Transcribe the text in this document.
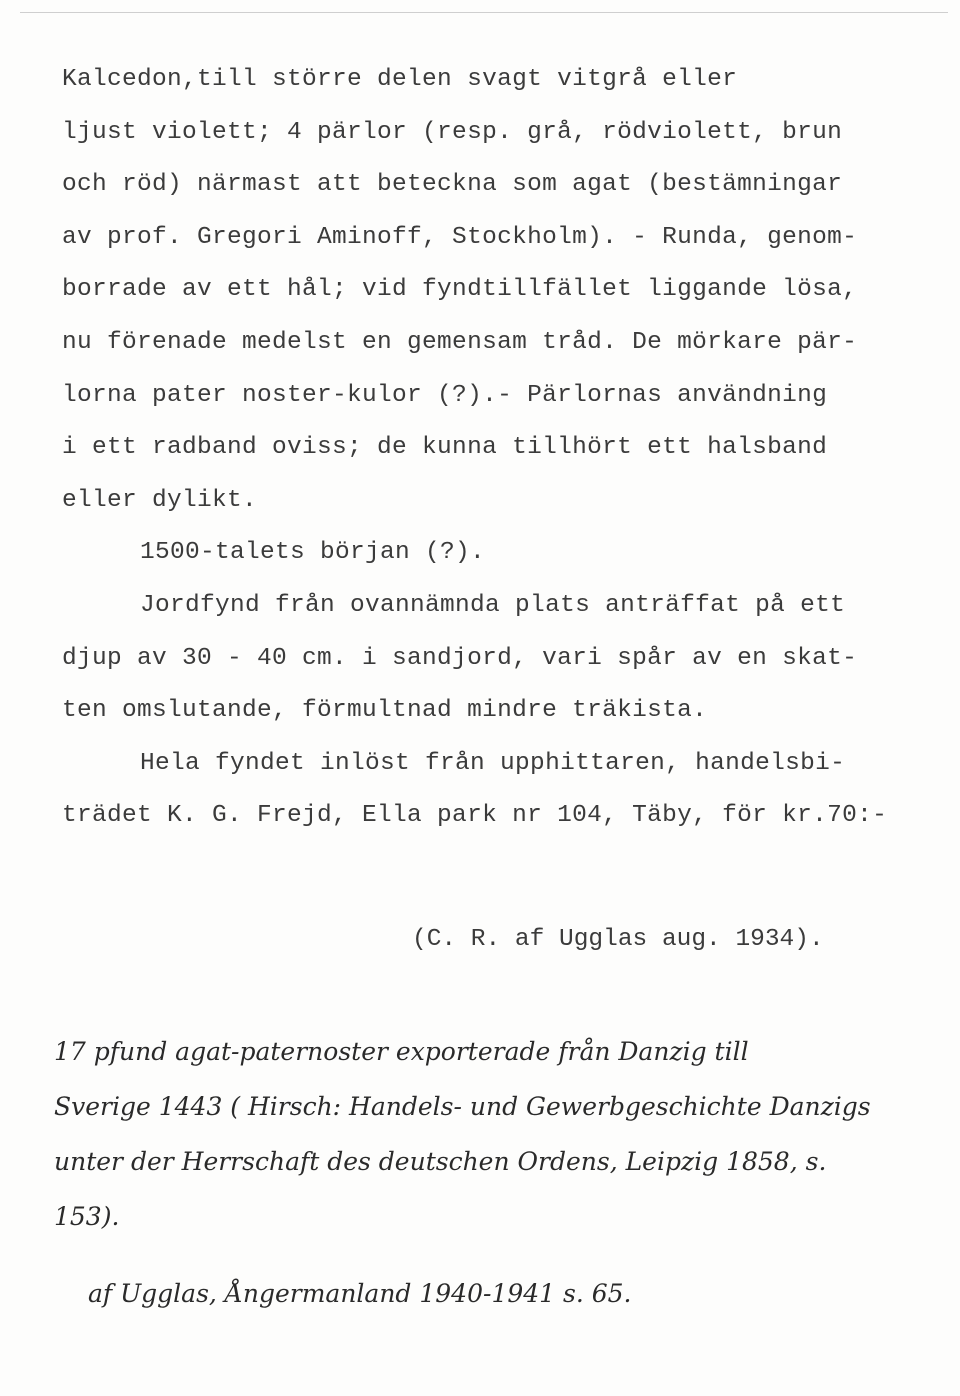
Kalcedon,till större delen svagt vitgrå eller

ljust violett; 4 pärlor (resp. grå, rödviolett, brun

och röd) närmast att beteckna som agat (bestämningar

av prof. Gregori Aminoff, Stockholm). - Runda, genom-

borrade av ett hål; vid fyndtillfället liggande lösa,

nu förenade medelst en gemensam tråd. De mörkare pär-

lorna pater noster-kulor (?).- Pärlornas användning

i ett radband oviss; de kunna tillhört ett halsband

eller dylikt.

1500-talets början (?).

Jordfynd från ovannämnda plats anträffat på ett

djup av 30 - 40 cm. i sandjord, vari spår av en skat-

ten omslutande, förmultnad mindre träkista.

Hela fyndet inlöst från upphittaren, handelsbi-

trädet K. G. Frejd, Ella park nr 104, Täby, för kr.70:-

(C. R. af Ugglas aug. 1934).

17 pfund agat-paternoster exporterade från Danzig till

Sverige 1443 ( Hirsch: Handels- und Gewerbgeschichte Danzigs

unter der Herrschaft des deutschen Ordens, Leipzig 1858, s.

153).

af Ugglas, Ångermanland 1940-1941 s. 65.
